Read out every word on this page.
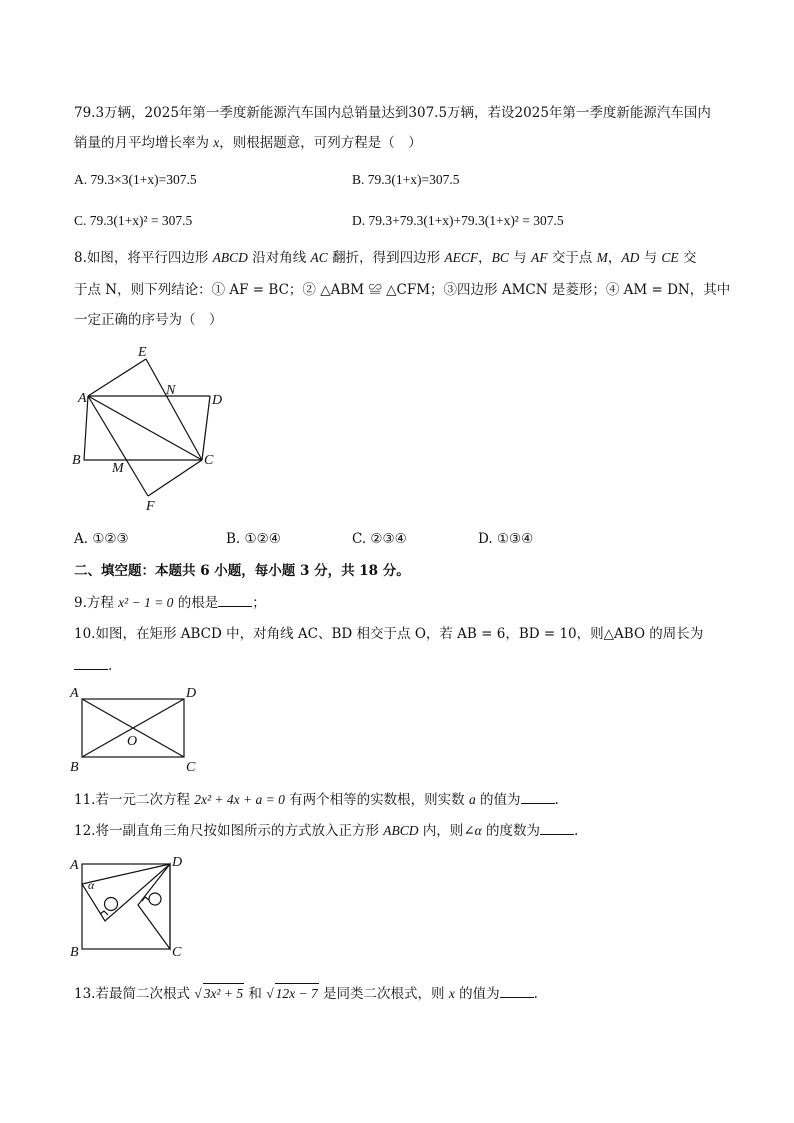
79.3万辆，2025年第一季度新能源汽车国内总销量达到307.5万辆，若设2025年第一季度新能源汽车国内
销量的月平均增长率为 x，则根据题意，可列方程是（　）
A. 79.3×3(1+x)=307.5	B. 79.3(1+x)=307.5
C. 79.3(1+x)² = 307.5	D. 79.3+79.3(1+x)+79.3(1+x)² = 307.5
8.如图，将平行四边形 ABCD 沿对角线 AC 翻折，得到四边形 AECF，BC 与 AF 交于点 M，AD 与 CE 交
于点 N，则下列结论：① AF = BC；② △ABM ≌ △CFM；③四边形 AMCN 是菱形；④ AM = DN，其中
一定正确的序号为（　）
E
N
A	D
B
M
C
F
A. ①②③	B. ①②④	C. ②③④	D. ①③④
二、填空题：本题共 6 小题，每小题 3 分，共 18 分。
9.方程 x² − 1 = 0 的根是	；
10.如图，在矩形 ABCD 中，对角线 AC、BD 相交于点 O，若 AB = 6，BD = 10，则△ABO 的周长为
.
A	D
O
B	C
11.若一元二次方程 2x² + 4x + a = 0 有两个相等的实数根，则实数 a 的值为	.
12.将一副直角三角尺按如图所示的方式放入正方形 ABCD 内，则∠α 的度数为	.
A	D
α
B	C
13.若最简二次根式 √ 3x² + 5 和 √ 12x − 7 是同类二次根式，则 x 的值为	.
